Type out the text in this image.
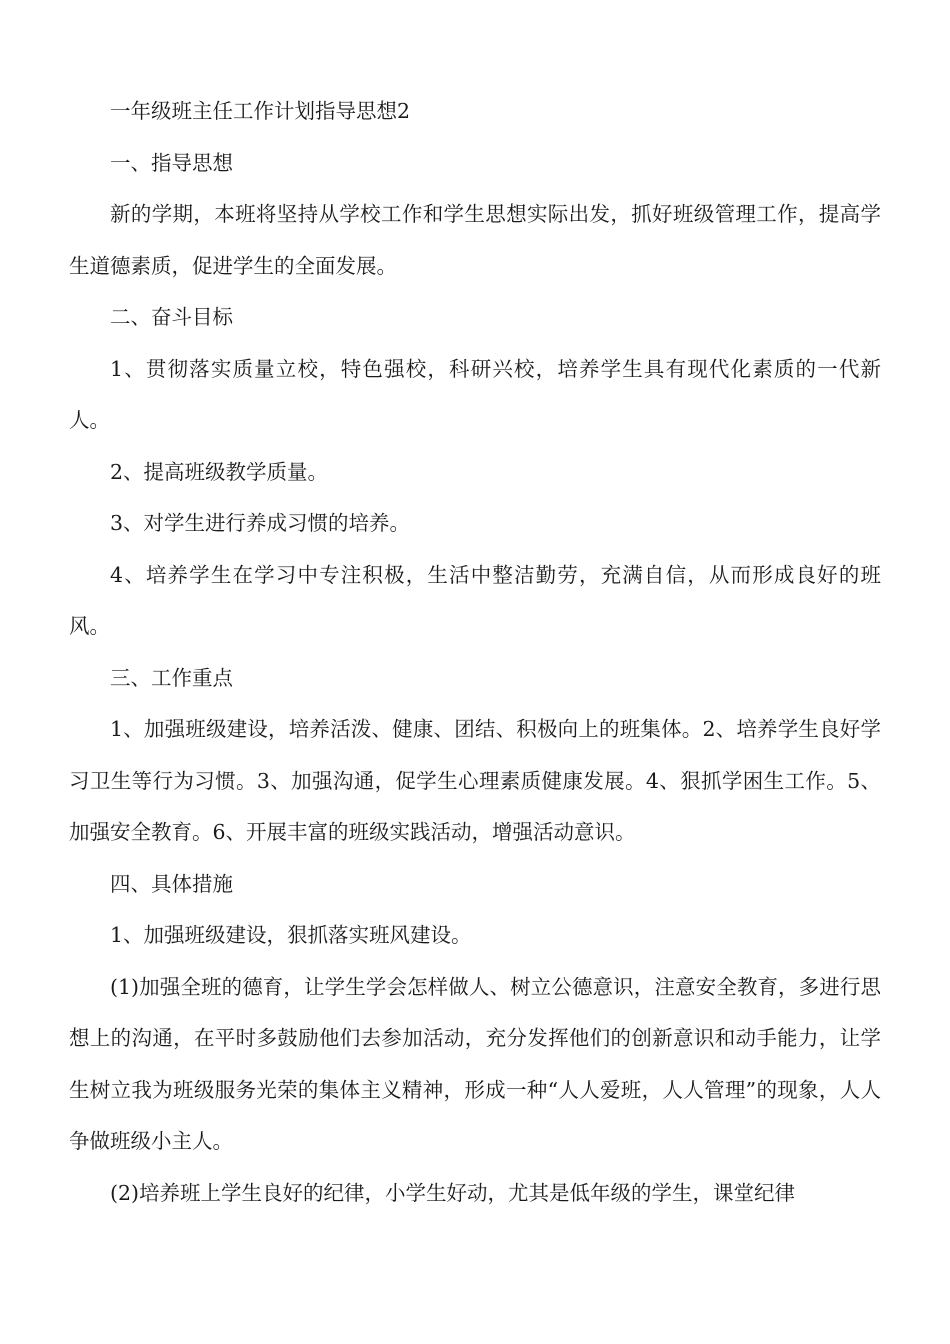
一年级班主任工作计划指导思想2

一、指导思想

新的学期，本班将坚持从学校工作和学生思想实际出发，抓好班级管理工作，提高学生道德素质，促进学生的全面发展。

二、奋斗目标

1、贯彻落实质量立校，特色强校，科研兴校，培养学生具有现代化素质的一代新人。

2、提高班级教学质量。

3、对学生进行养成习惯的培养。

4、培养学生在学习中专注积极，生活中整洁勤劳，充满自信，从而形成良好的班风。

三、工作重点

1、加强班级建设，培养活泼、健康、团结、积极向上的班集体。2、培养学生良好学习卫生等行为习惯。3、加强沟通，促学生心理素质健康发展。4、狠抓学困生工作。5、加强安全教育。6、开展丰富的班级实践活动，增强活动意识。

四、具体措施

1、加强班级建设，狠抓落实班风建设。

(1)加强全班的德育，让学生学会怎样做人、树立公德意识，注意安全教育，多进行思想上的沟通，在平时多鼓励他们去参加活动，充分发挥他们的创新意识和动手能力，让学生树立我为班级服务光荣的集体主义精神，形成一种“人人爱班，人人管理”的现象，人人争做班级小主人。

(2)培养班上学生良好的纪律，小学生好动，尤其是低年级的学生，课堂纪律
